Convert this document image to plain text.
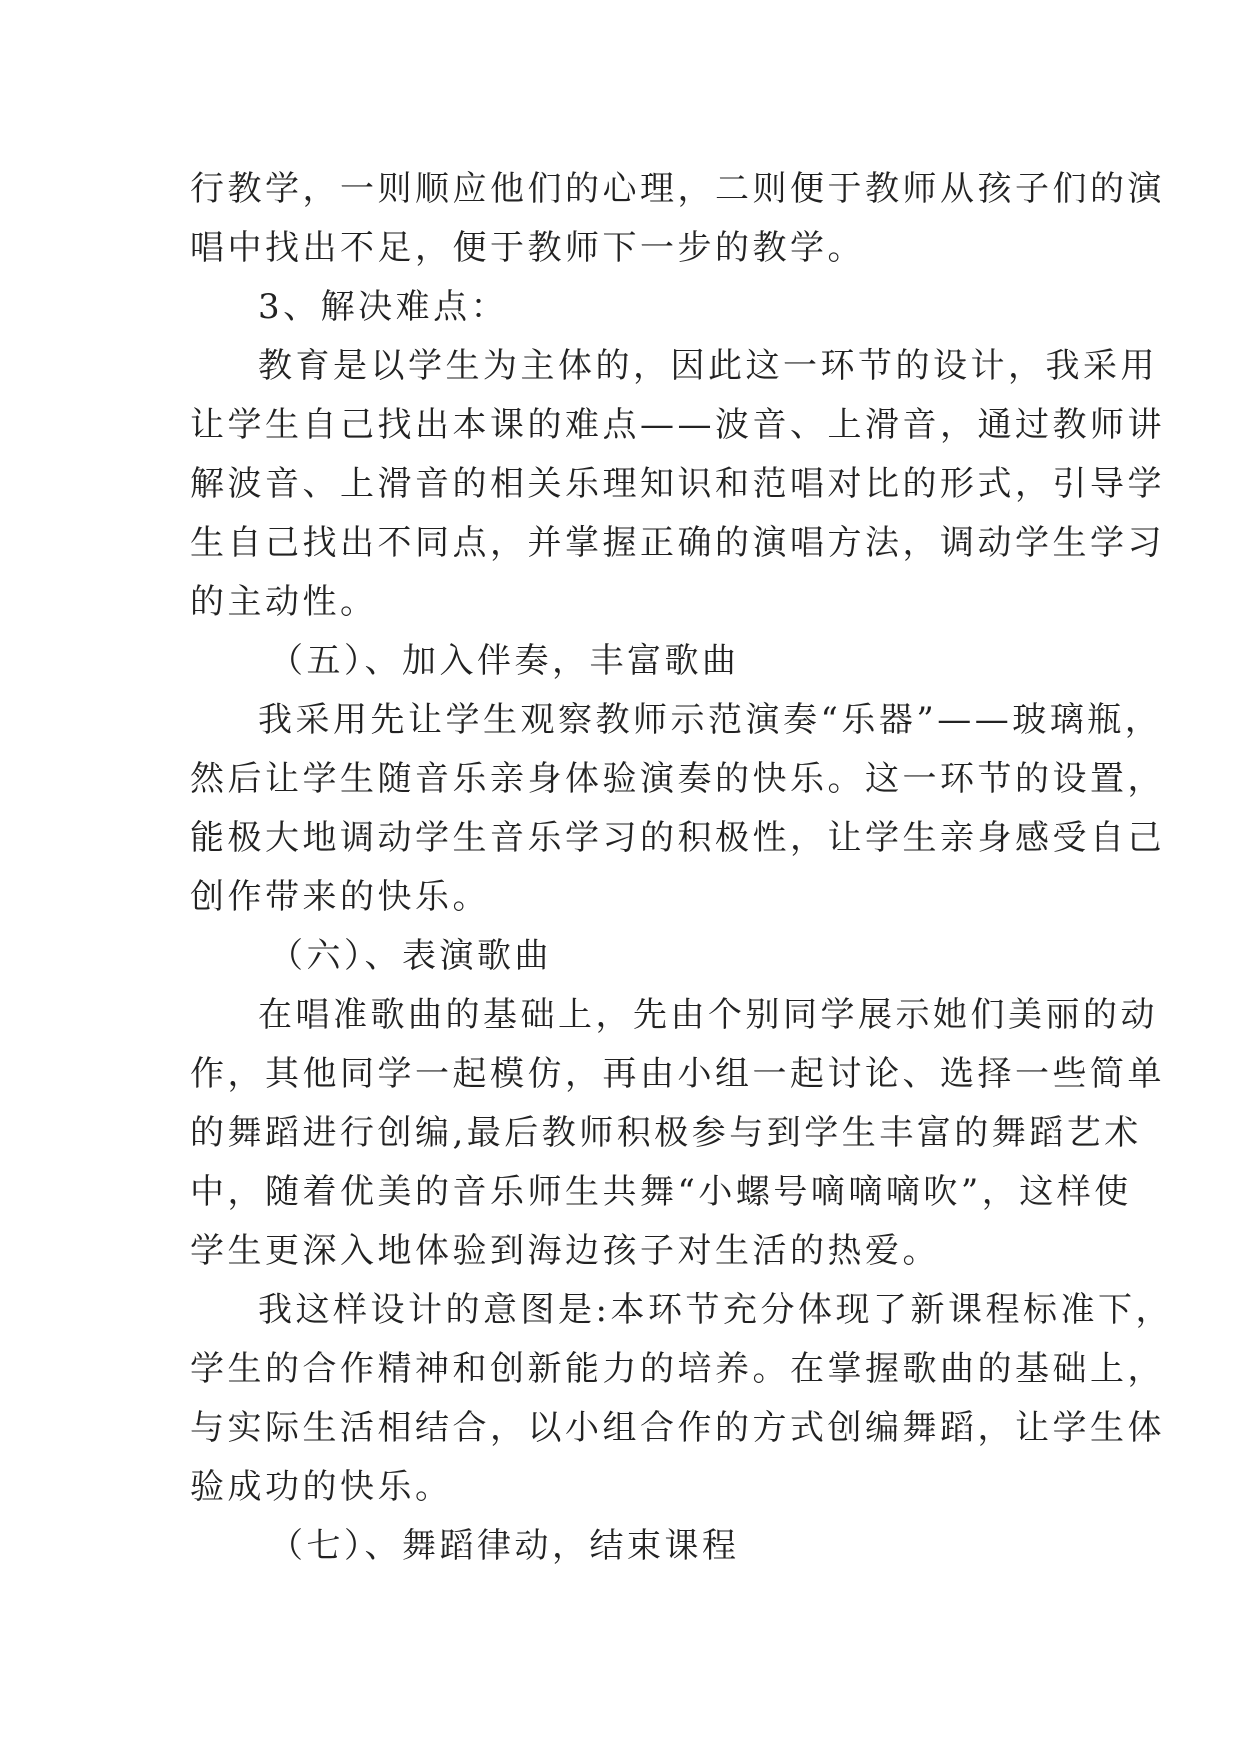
行教学，一则顺应他们的心理，二则便于教师从孩子们的演

唱中找出不足，便于教师下一步的教学。

3、解决难点：

教育是以学生为主体的，因此这一环节的设计，我采用

让学生自己找出本课的难点——波音、上滑音，通过教师讲

解波音、上滑音的相关乐理知识和范唱对比的形式，引导学

生自己找出不同点，并掌握正确的演唱方法，调动学生学习

的主动性。

（五）、加入伴奏，丰富歌曲

我采用先让学生观察教师示范演奏“乐器”——玻璃瓶，

然后让学生随音乐亲身体验演奏的快乐。这一环节的设置，

能极大地调动学生音乐学习的积极性，让学生亲身感受自己

创作带来的快乐。

（六）、表演歌曲

在唱准歌曲的基础上，先由个别同学展示她们美丽的动

作，其他同学一起模仿，再由小组一起讨论、选择一些简单

的舞蹈进行创编,最后教师积极参与到学生丰富的舞蹈艺术

中，随着优美的音乐师生共舞“小螺号嘀嘀嘀吹”，这样使

学生更深入地体验到海边孩子对生活的热爱。

我这样设计的意图是:本环节充分体现了新课程标准下，

学生的合作精神和创新能力的培养。在掌握歌曲的基础上，

与实际生活相结合，以小组合作的方式创编舞蹈，让学生体

验成功的快乐。

（七）、舞蹈律动，结束课程
